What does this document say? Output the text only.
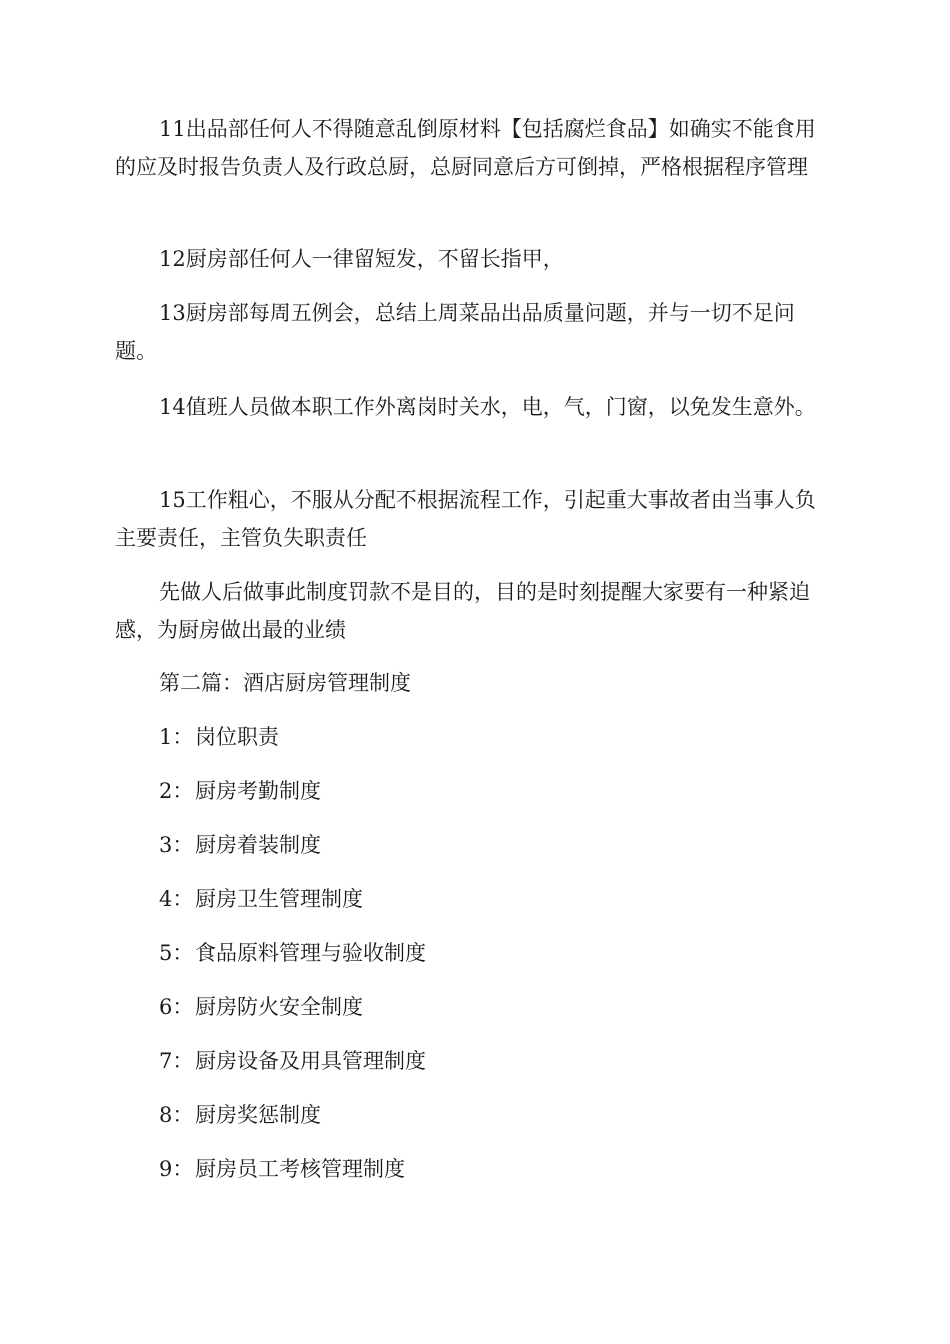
11出品部任何人不得随意乱倒原材料【包括腐烂食品】如确实不能食用的应及时报告负责人及行政总厨，总厨同意后方可倒掉，严格根据程序管理

12厨房部任何人一律留短发，不留长指甲，

13厨房部每周五例会，总结上周菜品出品质量问题，并与一切不足问题。

14值班人员做本职工作外离岗时关水，电，气，门窗，以免发生意外。

15工作粗心，不服从分配不根据流程工作，引起重大事故者由当事人负主要责任，主管负失职责任

先做人后做事此制度罚款不是目的，目的是时刻提醒大家要有一种紧迫感，为厨房做出最的业绩

第二篇：酒店厨房管理制度

1：岗位职责

2：厨房考勤制度

3：厨房着装制度

4：厨房卫生管理制度

5：食品原料管理与验收制度

6：厨房防火安全制度

7：厨房设备及用具管理制度

8：厨房奖惩制度

9：厨房员工考核管理制度
